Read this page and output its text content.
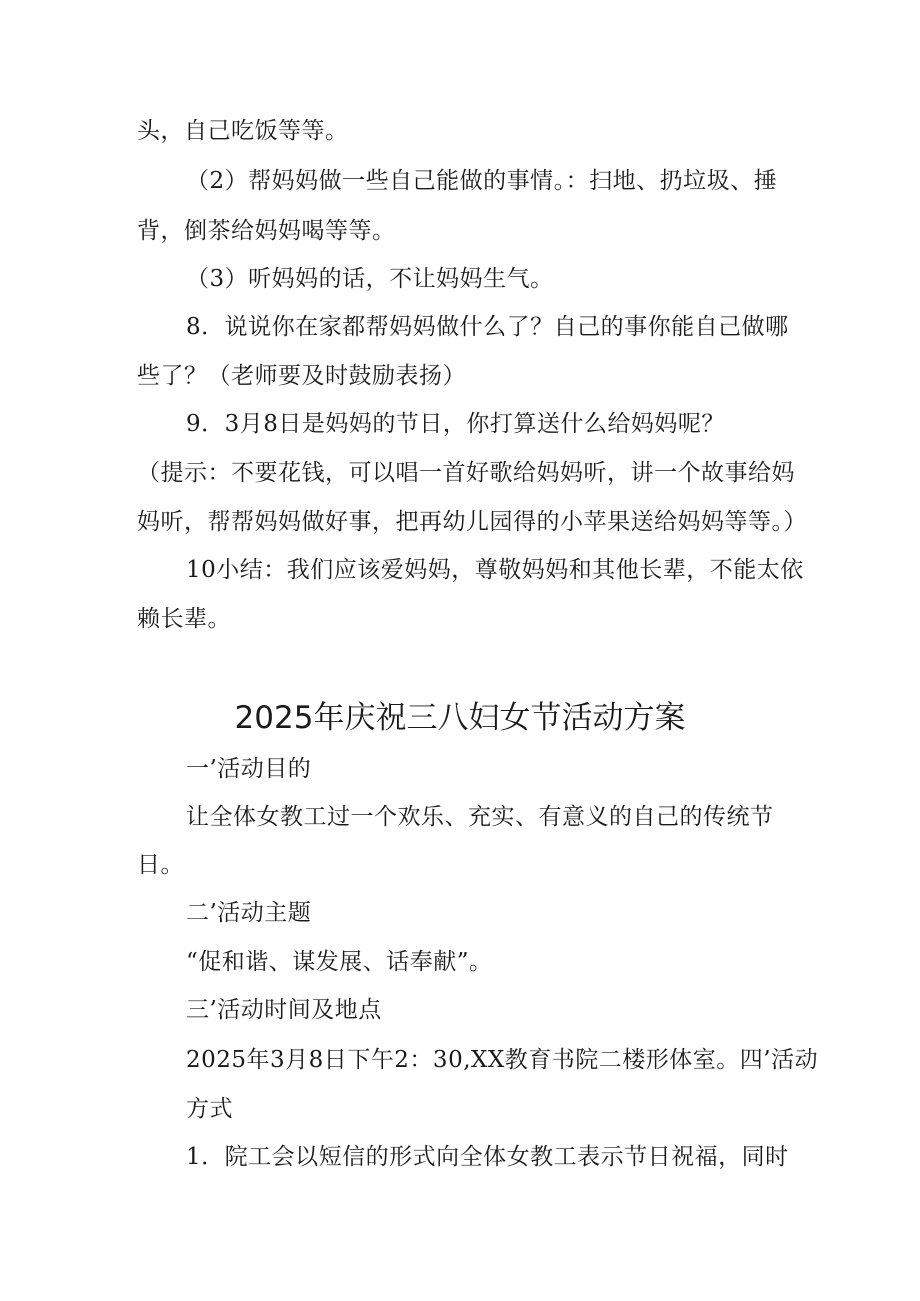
头，自己吃饭等等。
（2）帮妈妈做一些自己能做的事情。：扫地、扔垃圾、捶
背，倒茶给妈妈喝等等。
（3）听妈妈的话，不让妈妈生气。
8．说说你在家都帮妈妈做什么了？自己的事你能自己做哪
些了？（老师要及时鼓励表扬）
9．3月8日是妈妈的节日，你打算送什么给妈妈呢？
（提示：不要花钱，可以唱一首好歌给妈妈听，讲一个故事给妈
妈听，帮帮妈妈做好事，把再幼儿园得的小苹果送给妈妈等等。）
10小结：我们应该爱妈妈，尊敬妈妈和其他长辈，不能太依
赖长辈。
2025年庆祝三八妇女节活动方案
一’活动目的
让全体女教工过一个欢乐、充实、有意义的自己的传统节
日。
二’活动主题
“促和谐、谋发展、话奉献”。
三’活动时间及地点
2025年3月8日下午2：30,XX教育书院二楼形体室。四’活动
方式
1．院工会以短信的形式向全体女教工表示节日祝福，同时
